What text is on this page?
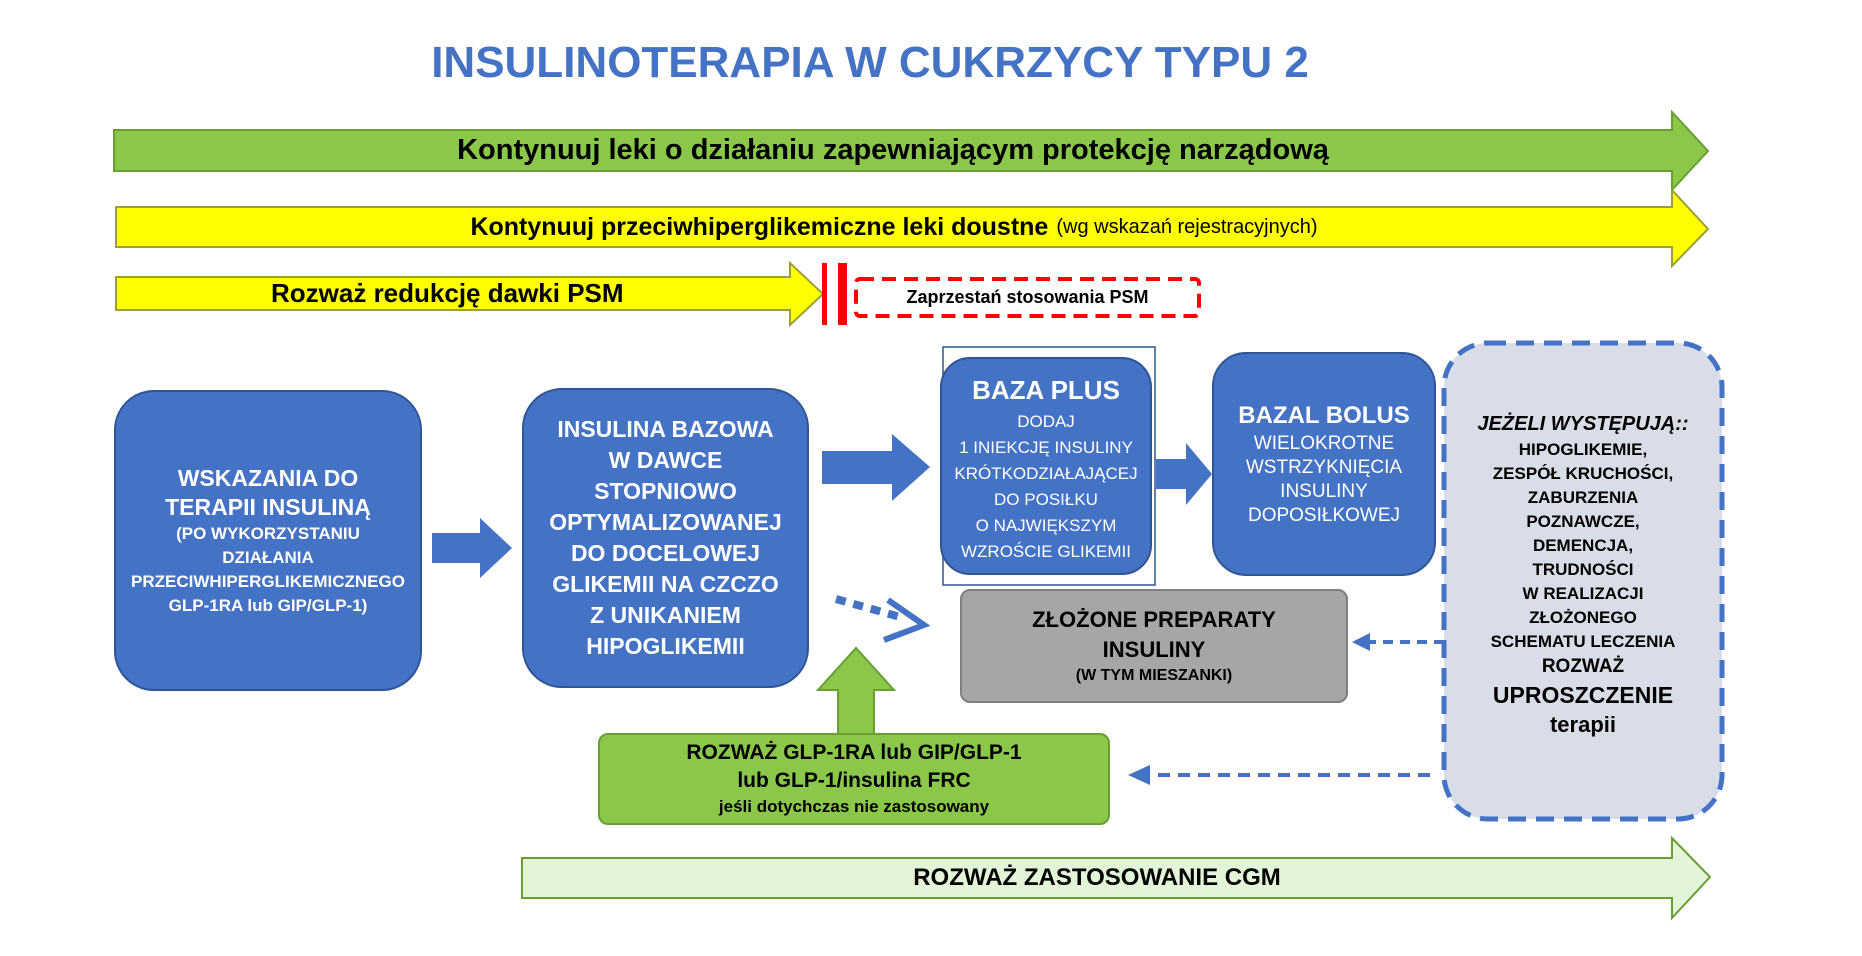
INSULINOTERAPIA W CUKRZYCY TYPU 2
Kontynuuj leki o działaniu zapewniającym protekcję narządową
Kontynuuj przeciwhiperglikemiczne leki doustne (wg wskazań rejestracyjnych)
Rozważ redukcję dawki PSM	Zaprzestań stosowania PSM
WSKAZANIA DO
TERAPII INSULINĄ
(PO WYKORZYSTANIU
DZIAŁANIA
PRZECIWHIPERGLIKEMICZNEGO
GLP-1RA lub GIP/GLP-1)
INSULINA BAZOWA
W DAWCE
STOPNIOWO
OPTYMALIZOWANEJ
DO DOCELOWEJ
GLIKEMII NA CZCZO
Z UNIKANIEM
HIPOGLIKEMII
BAZA PLUS
DODAJ
1 INIEKCJĘ INSULINY
KRÓTKODZIAŁAJĄCEJ
DO POSIŁKU
O NAJWIĘKSZYM
WZROŚCIE GLIKEMII
BAZAL BOLUS
WIELOKROTNE
WSTRZYKNIĘCIA
INSULINY
DOPOSIŁKOWEJ
ZŁOŻONE PREPARATY
INSULINY
(W TYM MIESZANKI)
ROZWAŻ GLP-1RA lub GIP/GLP-1
lub GLP-1/insulina FRC
jeśli dotychczas nie zastosowany
JEŻELI WYSTĘPUJĄ::
HIPOGLIKEMIE,
ZESPÓŁ KRUCHOŚCI,
ZABURZENIA
POZNAWCZE,
DEMENCJA,
TRUDNOŚCI
W REALIZACJI
ZŁOŻONEGO
SCHEMATU LECZENIA
ROZWAŻ
UPROSZCZENIE
terapii
ROZWAŻ ZASTOSOWANIE CGM
